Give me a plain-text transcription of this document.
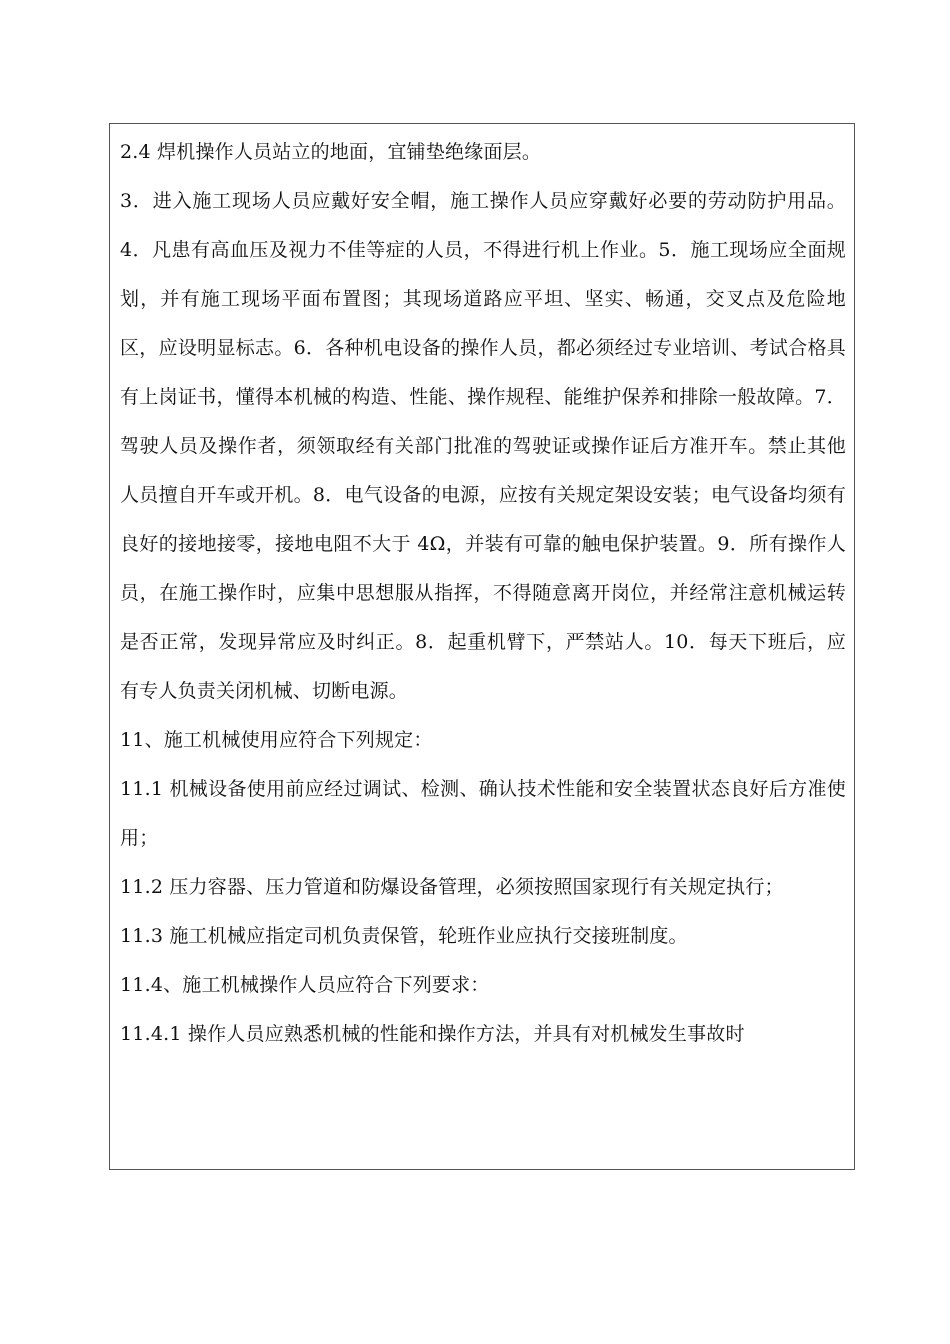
2.4 焊机操作人员站立的地面，宜铺垫绝缘面层。

3．进入施工现场人员应戴好安全帽，施工操作人员应穿戴好必要的劳动防护用品。4．凡患有高血压及视力不佳等症的人员，不得进行机上作业。5．施工现场应全面规划，并有施工现场平面布置图；其现场道路应平坦、坚实、畅通，交叉点及危险地区，应设明显标志。6．各种机电设备的操作人员，都必须经过专业培训、考试合格具有上岗证书，懂得本机械的构造、性能、操作规程、能维护保养和排除一般故障。7．驾驶人员及操作者，须领取经有关部门批准的驾驶证或操作证后方准开车。禁止其他人员擅自开车或开机。8．电气设备的电源，应按有关规定架设安装；电气设备均须有良好的接地接零，接地电阻不大于 4Ω，并装有可靠的触电保护装置。9．所有操作人员，在施工操作时，应集中思想服从指挥，不得随意离开岗位，并经常注意机械运转是否正常，发现异常应及时纠正。8．起重机臂下，严禁站人。10．每天下班后，应有专人负责关闭机械、切断电源。

11、施工机械使用应符合下列规定：

11.1 机械设备使用前应经过调试、检测、确认技术性能和安全装置状态良好后方准使用；

11.2 压力容器、压力管道和防爆设备管理，必须按照国家现行有关规定执行；

11.3 施工机械应指定司机负责保管，轮班作业应执行交接班制度。

11.4、施工机械操作人员应符合下列要求：

11.4.1 操作人员应熟悉机械的性能和操作方法，并具有对机械发生事故时
